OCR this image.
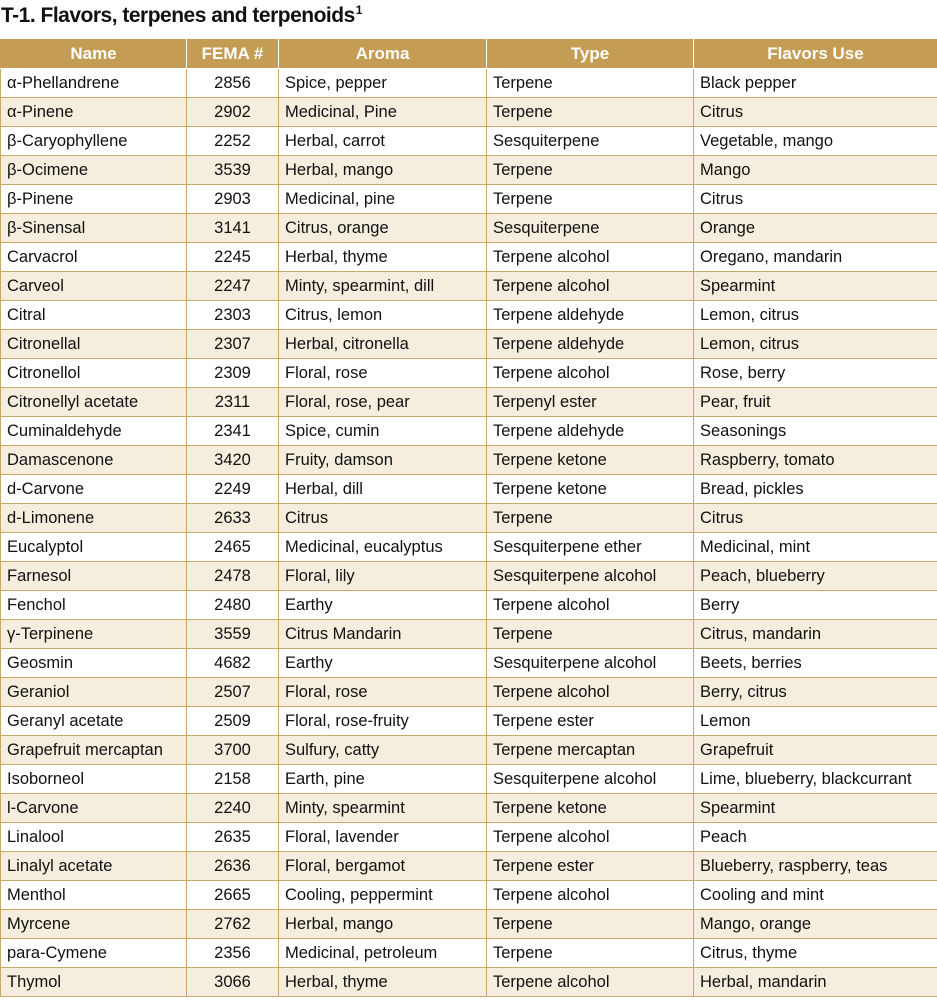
T-1. Flavors, terpenes and terpenoids$^1$
Name	FEMA #	Aroma	Type	Flavors Use
α-Phellandrene	2856	Spice, pepper	Terpene	Black pepper
α-Pinene	2902	Medicinal, Pine	Terpene	Citrus
β-Caryophyllene	2252	Herbal, carrot	Sesquiterpene	Vegetable, mango
β-Ocimene	3539	Herbal, mango	Terpene	Mango
β-Pinene	2903	Medicinal, pine	Terpene	Citrus
β-Sinensal	3141	Citrus, orange	Sesquiterpene	Orange
Carvacrol	2245	Herbal, thyme	Terpene alcohol	Oregano, mandarin
Carveol	2247	Minty, spearmint, dill	Terpene alcohol	Spearmint
Citral	2303	Citrus, lemon	Terpene aldehyde	Lemon, citrus
Citronellal	2307	Herbal, citronella	Terpene aldehyde	Lemon, citrus
Citronellol	2309	Floral, rose	Terpene alcohol	Rose, berry
Citronellyl acetate	2311	Floral, rose, pear	Terpenyl ester	Pear, fruit
Cuminaldehyde	2341	Spice, cumin	Terpene aldehyde	Seasonings
Damascenone	3420	Fruity, damson	Terpene ketone	Raspberry, tomato
d-Carvone	2249	Herbal, dill	Terpene ketone	Bread, pickles
d-Limonene	2633	Citrus	Terpene	Citrus
Eucalyptol	2465	Medicinal, eucalyptus	Sesquiterpene ether	Medicinal, mint
Farnesol	2478	Floral, lily	Sesquiterpene alcohol	Peach, blueberry
Fenchol	2480	Earthy	Terpene alcohol	Berry
γ-Terpinene	3559	Citrus Mandarin	Terpene	Citrus, mandarin
Geosmin	4682	Earthy	Sesquiterpene alcohol	Beets, berries
Geraniol	2507	Floral, rose	Terpene alcohol	Berry, citrus
Geranyl acetate	2509	Floral, rose-fruity	Terpene ester	Lemon
Grapefruit mercaptan	3700	Sulfury, catty	Terpene mercaptan	Grapefruit
Isoborneol	2158	Earth, pine	Sesquiterpene alcohol	Lime, blueberry, blackcurrant
l-Carvone	2240	Minty, spearmint	Terpene ketone	Spearmint
Linalool	2635	Floral, lavender	Terpene alcohol	Peach
Linalyl acetate	2636	Floral, bergamot	Terpene ester	Blueberry, raspberry, teas
Menthol	2665	Cooling, peppermint	Terpene alcohol	Cooling and mint
Myrcene	2762	Herbal, mango	Terpene	Mango, orange
para-Cymene	2356	Medicinal, petroleum	Terpene	Citrus, thyme
Thymol	3066	Herbal, thyme	Terpene alcohol	Herbal, mandarin
